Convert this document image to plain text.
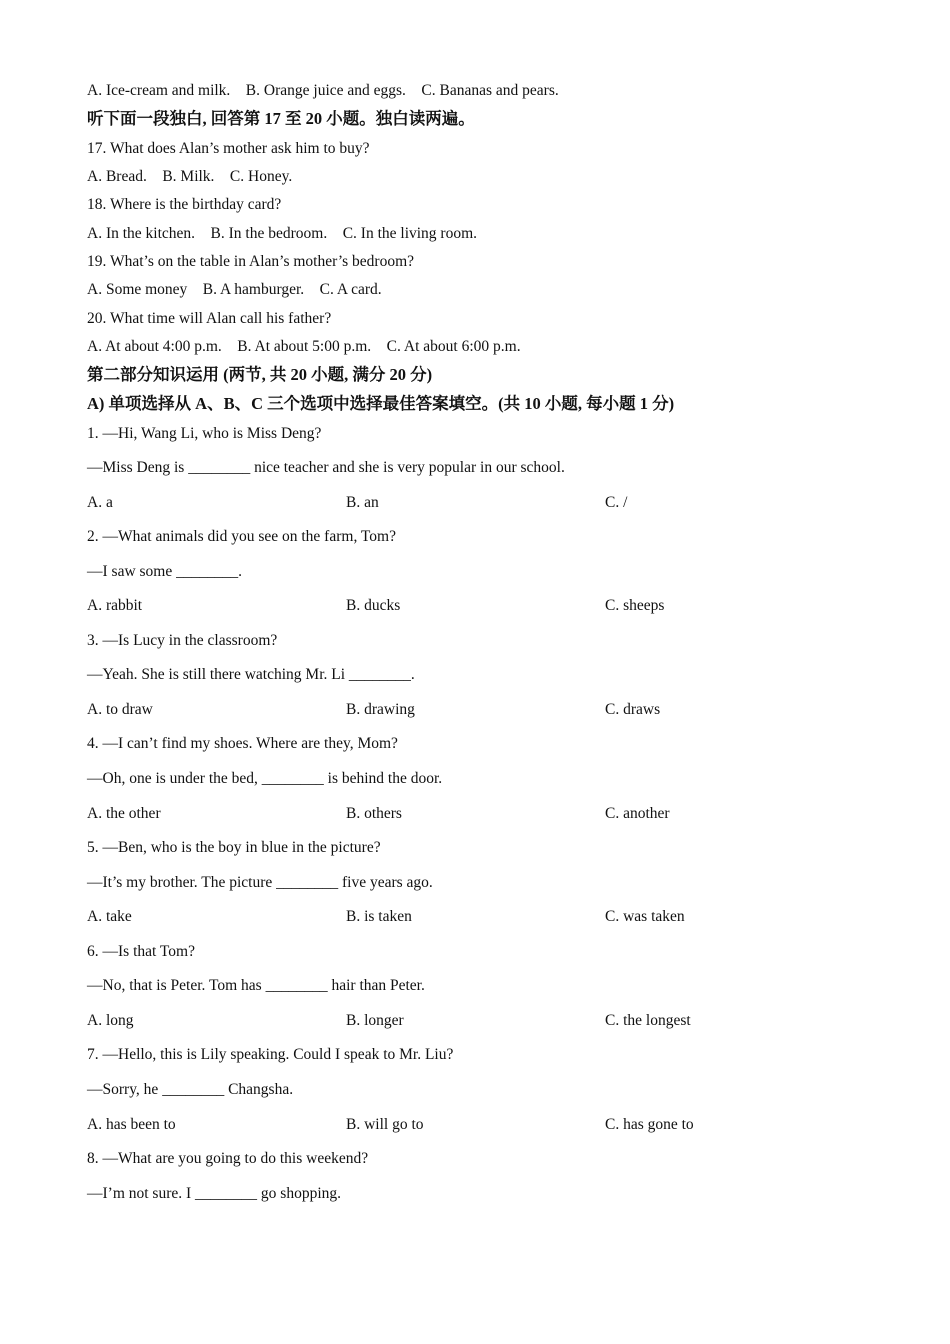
A. Ice-cream and milk.    B. Orange juice and eggs.    C. Bananas and pears.

听下面一段独白, 回答第 17 至 20 小题。独白读两遍。

17. What does Alan’s mother ask him to buy?

A. Bread.    B. Milk.    C. Honey.

18. Where is the birthday card?

A. In the kitchen.    B. In the bedroom.    C. In the living room.

19. What’s on the table in Alan’s mother’s bedroom?

A. Some money    B. A hamburger.    C. A card.

20. What time will Alan call his father?

A. At about 4:00 p.m.    B. At about 5:00 p.m.    C. At about 6:00 p.m.

第二部分知识运用 (两节, 共 20 小题, 满分 20 分)

A) 单项选择从 A、B、C 三个选项中选择最佳答案填空。(共 10 小题, 每小题 1 分)

1. —Hi, Wang Li, who is Miss Deng?

—Miss Deng is ________ nice teacher and she is very popular in our school.

A. a	B. an	C. /

2. —What animals did you see on the farm, Tom?

—I saw some ________.

A. rabbit	B. ducks	C. sheeps

3. —Is Lucy in the classroom?

—Yeah. She is still there watching Mr. Li ________.

A. to draw	B. drawing	C. draws

4. —I can’t find my shoes. Where are they, Mom?

—Oh, one is under the bed, ________ is behind the door.

A. the other	B. others	C. another

5. —Ben, who is the boy in blue in the picture?

—It’s my brother. The picture ________ five years ago.

A. take	B. is taken	C. was taken

6. —Is that Tom?

—No, that is Peter. Tom has ________ hair than Peter.

A. long	B. longer	C. the longest

7. —Hello, this is Lily speaking. Could I speak to Mr. Liu?

—Sorry, he ________ Changsha.

A. has been to	B. will go to	C. has gone to

8. —What are you going to do this weekend?

—I’m not sure. I ________ go shopping.
